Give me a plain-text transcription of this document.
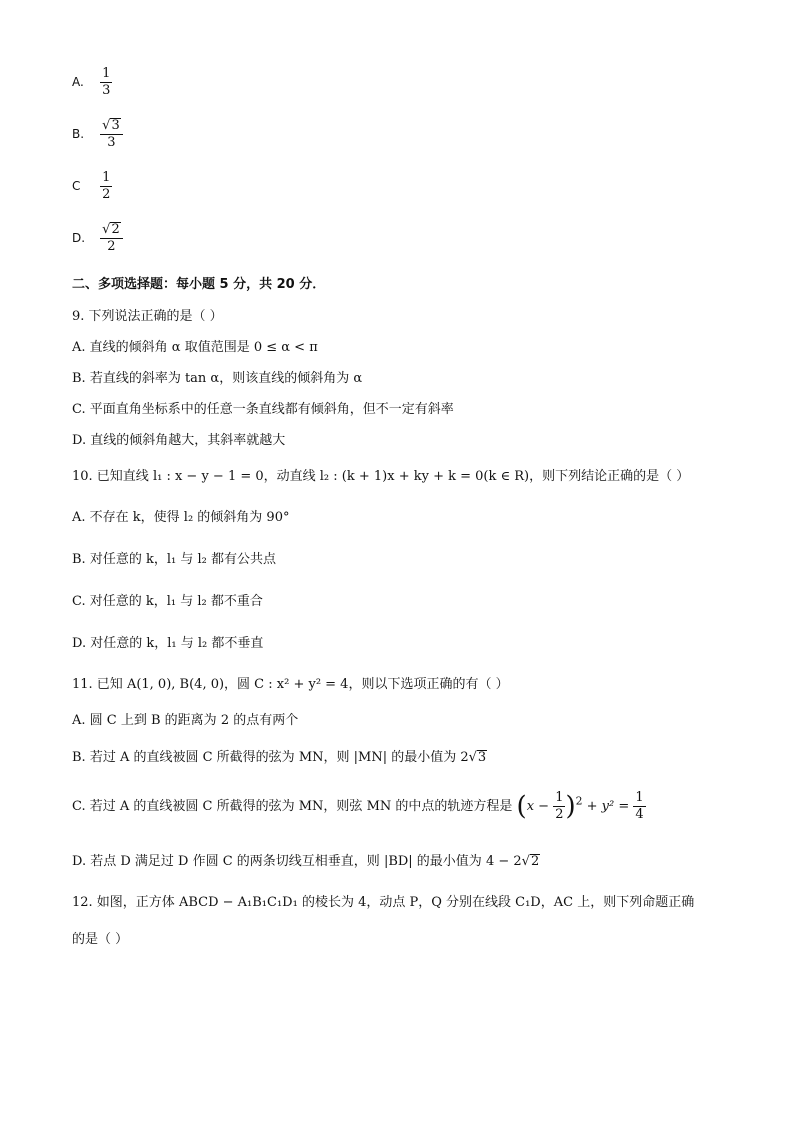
A. $\frac{1}{3}$
B. $\frac{√ 3}{3}$
C $\frac{1}{2}$
D. $\frac{√ 2}{2}$
二、多项选择题：每小题 5 分，共 20 分．
9. 下列说法正确的是（ ）
A. 直线的倾斜角 α 取值范围是 0 ≤ α < π
B. 若直线的斜率为 tan α，则该直线的倾斜角为 α
C. 平面直角坐标系中的任意一条直线都有倾斜角，但不一定有斜率
D. 直线的倾斜角越大，其斜率就越大
10. 已知直线 l₁ : x − y − 1 = 0，动直线 l₂ : (k + 1)x + ky + k = 0(k ∈ R)，则下列结论正确的是（ ）
A. 不存在 k，使得 l₂ 的倾斜角为 90°
B. 对任意的 k，l₁ 与 l₂ 都有公共点
C. 对任意的 k，l₁ 与 l₂ 都不重合
D. 对任意的 k，l₁ 与 l₂ 都不垂直
11. 已知 A(1, 0), B(4, 0)，圆 C : x² + y² = 4，则以下选项正确的有（ ）
A. 圆 C 上到 B 的距离为 2 的点有两个
B. 若过 A 的直线被圆 C 所截得的弦为 MN，则 |MN| 的最小值为 2 √ 3
C. 若过 A 的直线被圆 C 所截得的弦为 MN，则弦 MN 的中点的轨迹方程是 $(x - \frac{1}{2} )^2 + y^2 = \frac{1}{4}$
D. 若点 D 满足过 D 作圆 C 的两条切线互相垂直，则 |BD| 的最小值为 4 − 2 √ 2
12. 如图，正方体 ABCD − A₁B₁C₁D₁ 的棱长为 4，动点 P，Q 分别在线段 C₁D，AC 上，则下列命题正确
的是（ ）
